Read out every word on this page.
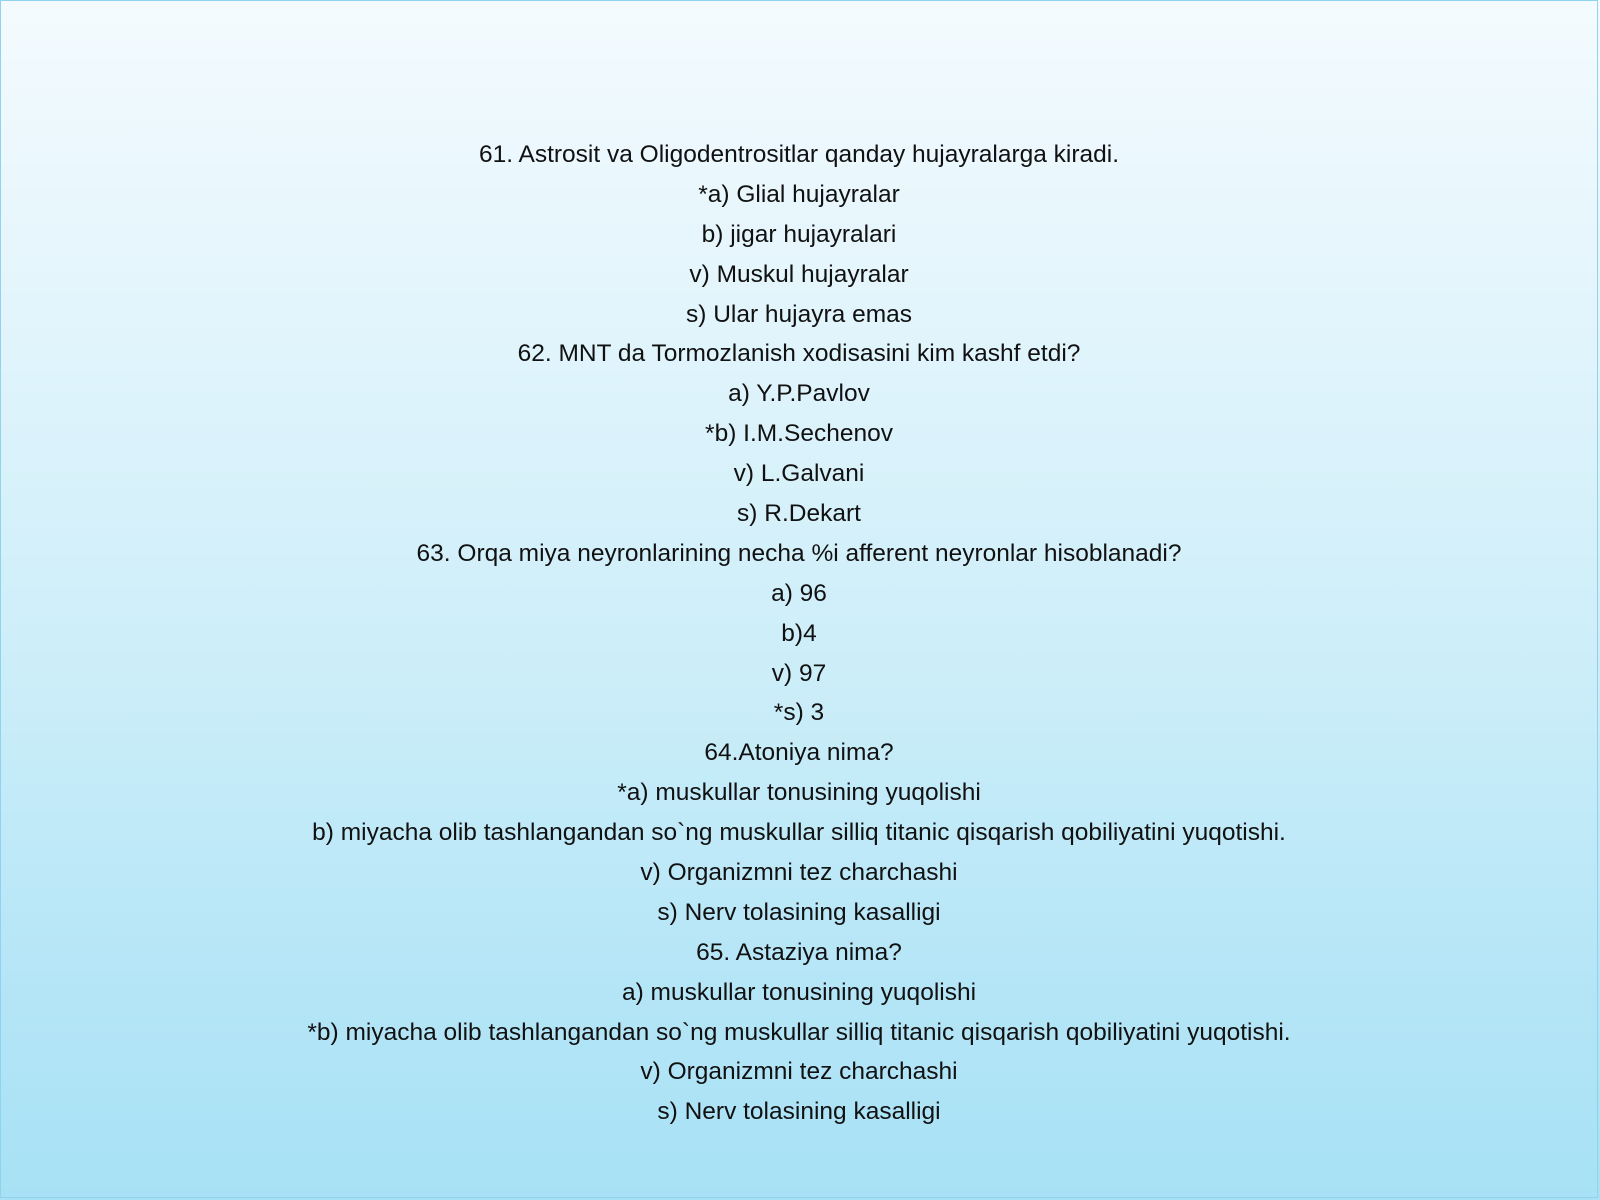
61. Astrosit va Oligodentrositlar qanday hujayralarga kiradi.
*a) Glial hujayralar
b) jigar hujayralari
v) Muskul hujayralar
s) Ular hujayra emas
62. MNT da Tormozlanish xodisasini kim kashf etdi?
a) Y.P.Pavlov
*b) I.M.Sechenov
v) L.Galvani
s) R.Dekart
63. Orqa miya neyronlarining necha %i afferent neyronlar hisoblanadi?
a) 96
b)4
v) 97
*s) 3
64.Atoniya nima?
*a) muskullar tonusining yuqolishi
b) miyacha olib tashlangandan so`ng muskullar silliq titanic qisqarish qobiliyatini yuqotishi.
v) Organizmni tez charchashi
s) Nerv tolasining kasalligi
65. Astaziya nima?
a) muskullar tonusining yuqolishi
*b) miyacha olib tashlangandan so`ng muskullar silliq titanic qisqarish qobiliyatini yuqotishi.
v) Organizmni tez charchashi
s) Nerv tolasining kasalligi
